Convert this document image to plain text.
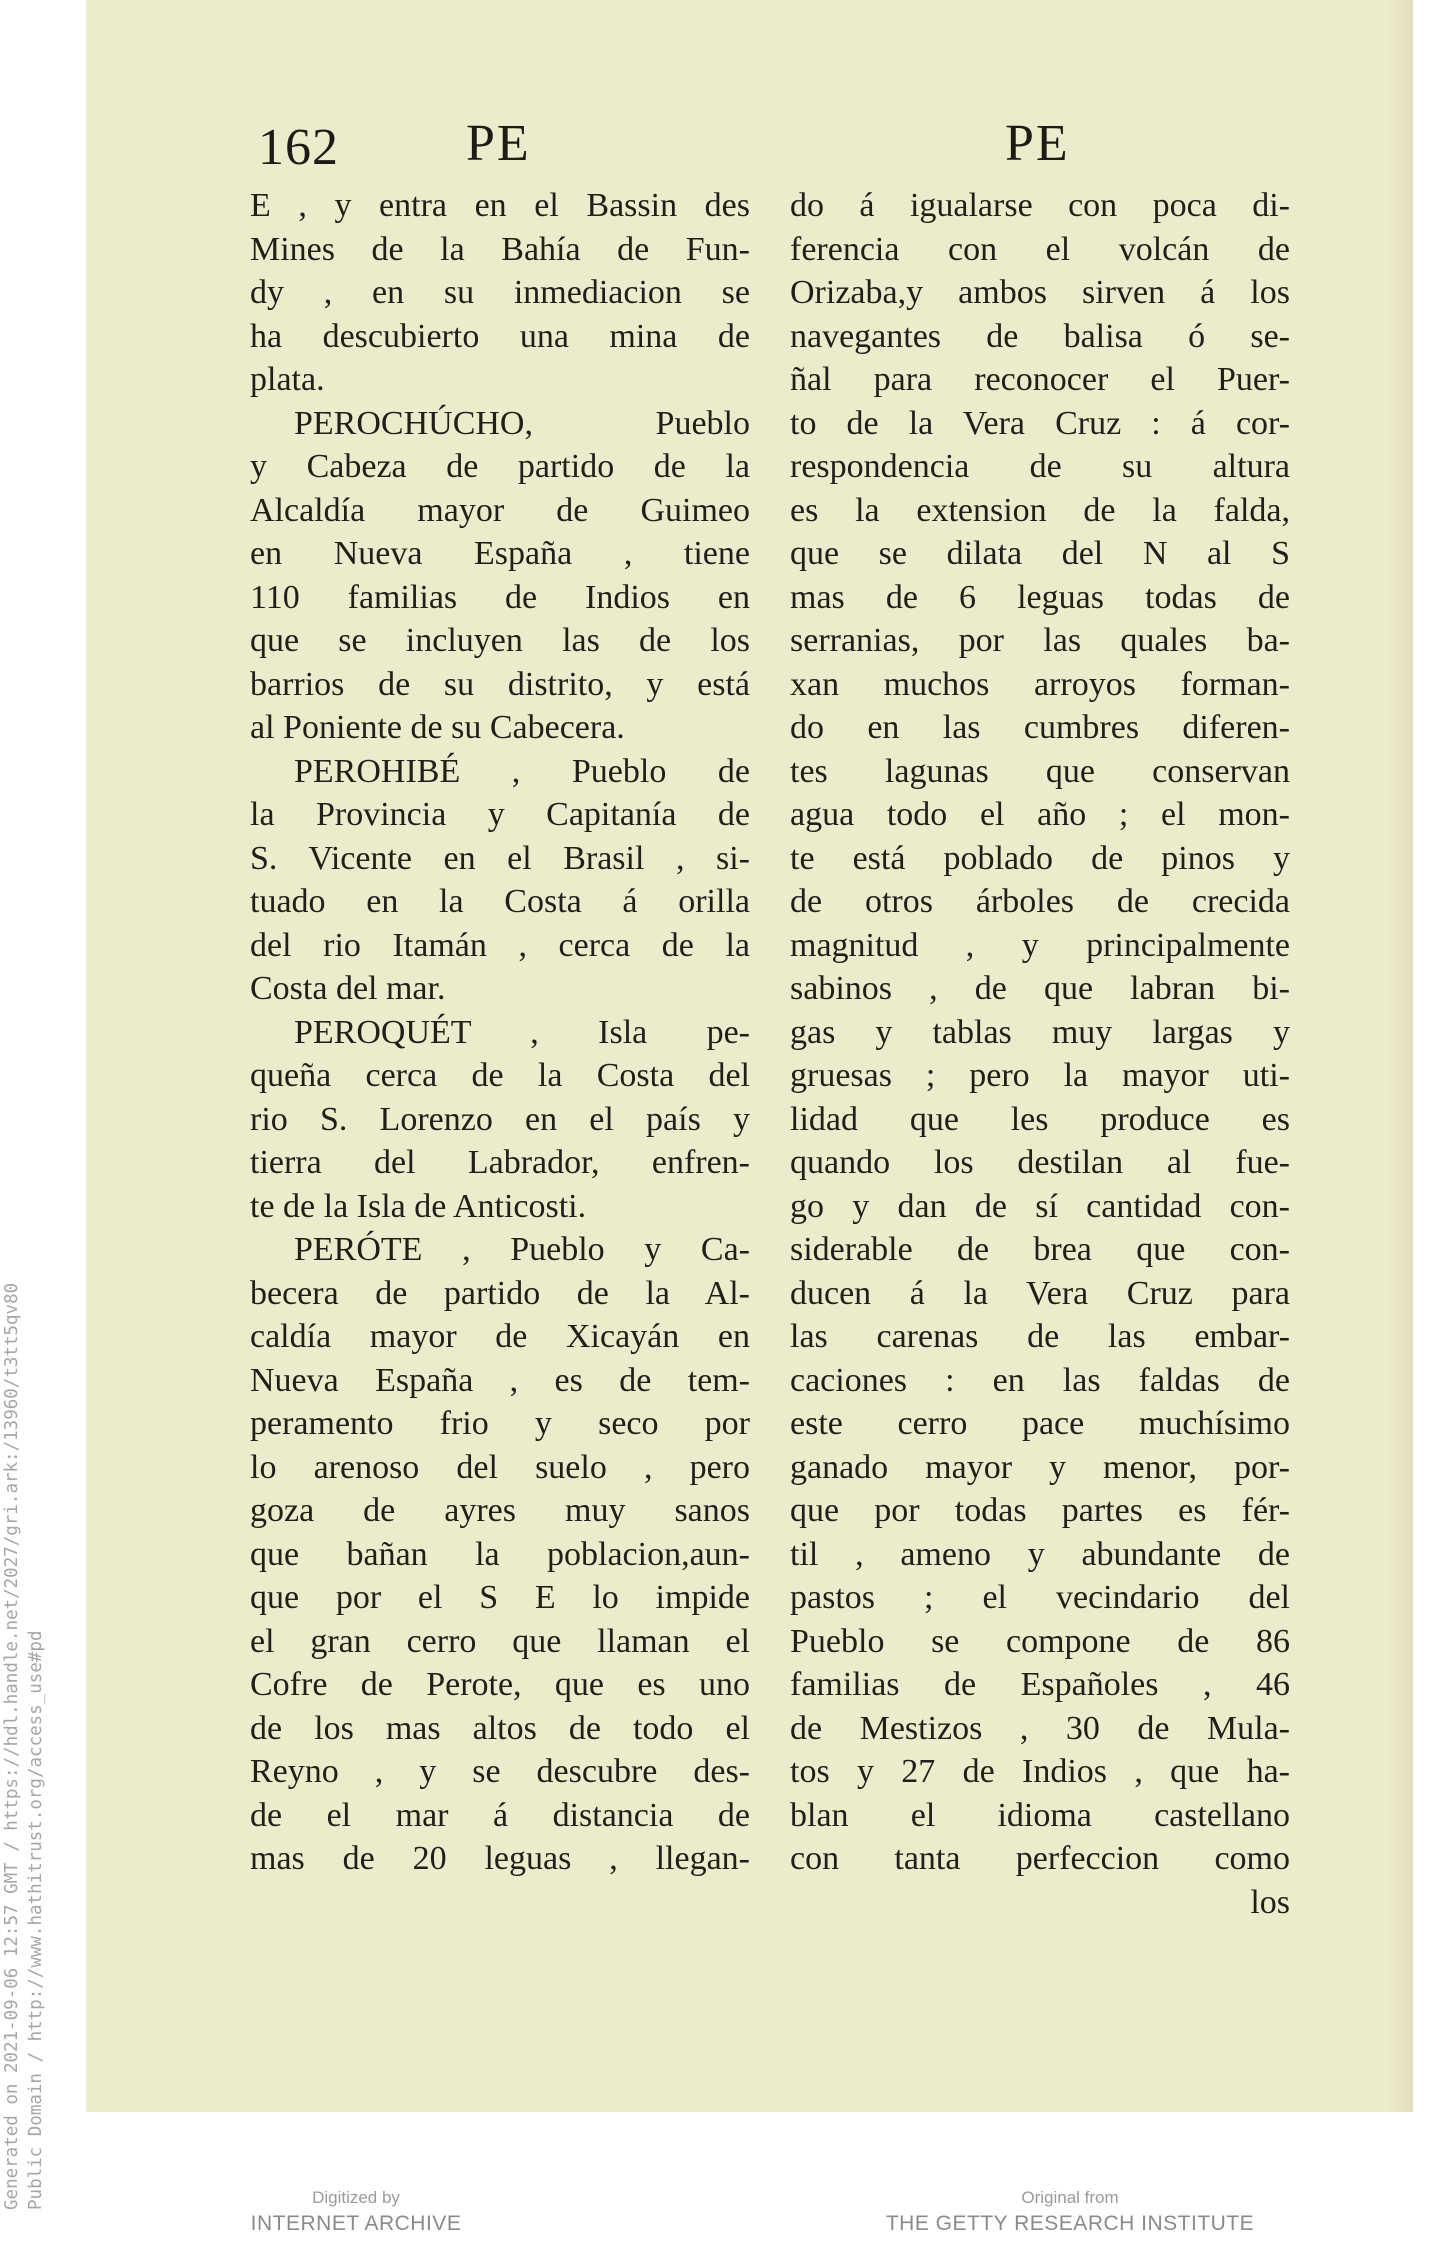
162 PE	PE
E , y entra en el Bassin des
Mines de la Bahía de Fun-
dy , en su inmediacion se
ha descubierto una mina de
plata.
PEROCHÚCHO, Pueblo
y Cabeza de partido de la
Alcaldía mayor de Guimeo
en Nueva España , tiene
110 familias de Indios en
que se incluyen las de los
barrios de su distrito, y está
al Poniente de su Cabecera.
PEROHIBÉ , Pueblo de
la Provincia y Capitanía de
S. Vicente en el Brasil , si-
tuado en la Costa á orilla
del rio Itamán , cerca de la
Costa del mar.
PEROQUÉT , Isla pe-
queña cerca de la Costa del
rio S. Lorenzo en el país y
tierra del Labrador, enfren-
te de la Isla de Anticosti.
PERÓTE , Pueblo y Ca-
becera de partido de la Al-
caldía mayor de Xicayán en
Nueva España , es de tem-
peramento frio y seco por
lo arenoso del suelo , pero
goza de ayres muy sanos
que bañan la poblacion,aun-
que por el S E lo impide
el gran cerro que llaman el
Cofre de Perote, que es uno
de los mas altos de todo el
Reyno , y se descubre des-
de el mar á distancia de
mas de 20 leguas , llegan-
do á igualarse con poca di-
ferencia con el volcán de
Orizaba,y ambos sirven á los
navegantes de balisa ó se-
ñal para reconocer el Puer-
to de la Vera Cruz : á cor-
respondencia de su altura
es la extension de la falda,
que se dilata del N al S
mas de 6 leguas todas de
serranias, por las quales ba-
xan muchos arroyos forman-
do en las cumbres diferen-
tes lagunas que conservan
agua todo el año ; el mon-
te está poblado de pinos y
de otros árboles de crecida
magnitud , y principalmente
sabinos , de que labran bi-
gas y tablas muy largas y
gruesas ; pero la mayor uti-
lidad que les produce es
quando los destilan al fue-
go y dan de sí cantidad con-
siderable de brea que con-
ducen á la Vera Cruz para
las carenas de las embar-
caciones : en las faldas de
este cerro pace muchísimo
ganado mayor y menor, por-
que por todas partes es fér-
til , ameno y abundante de
pastos ; el vecindario del
Pueblo se compone de 86
familias de Españoles , 46
de Mestizos , 30 de Mula-
tos y 27 de Indios , que ha-
blan el idioma castellano
con tanta perfeccion como
los
Generated on 2021-09-06 12:57 GMT / https://hdl.handle.net/2027/gri.ark:/13960/t3tt5qv80 Public Domain / http://www.hathitrust.org/access_use#pd	Digitized by
INTERNET ARCHIVE
Original from
THE GETTY RESEARCH INSTITUTE
